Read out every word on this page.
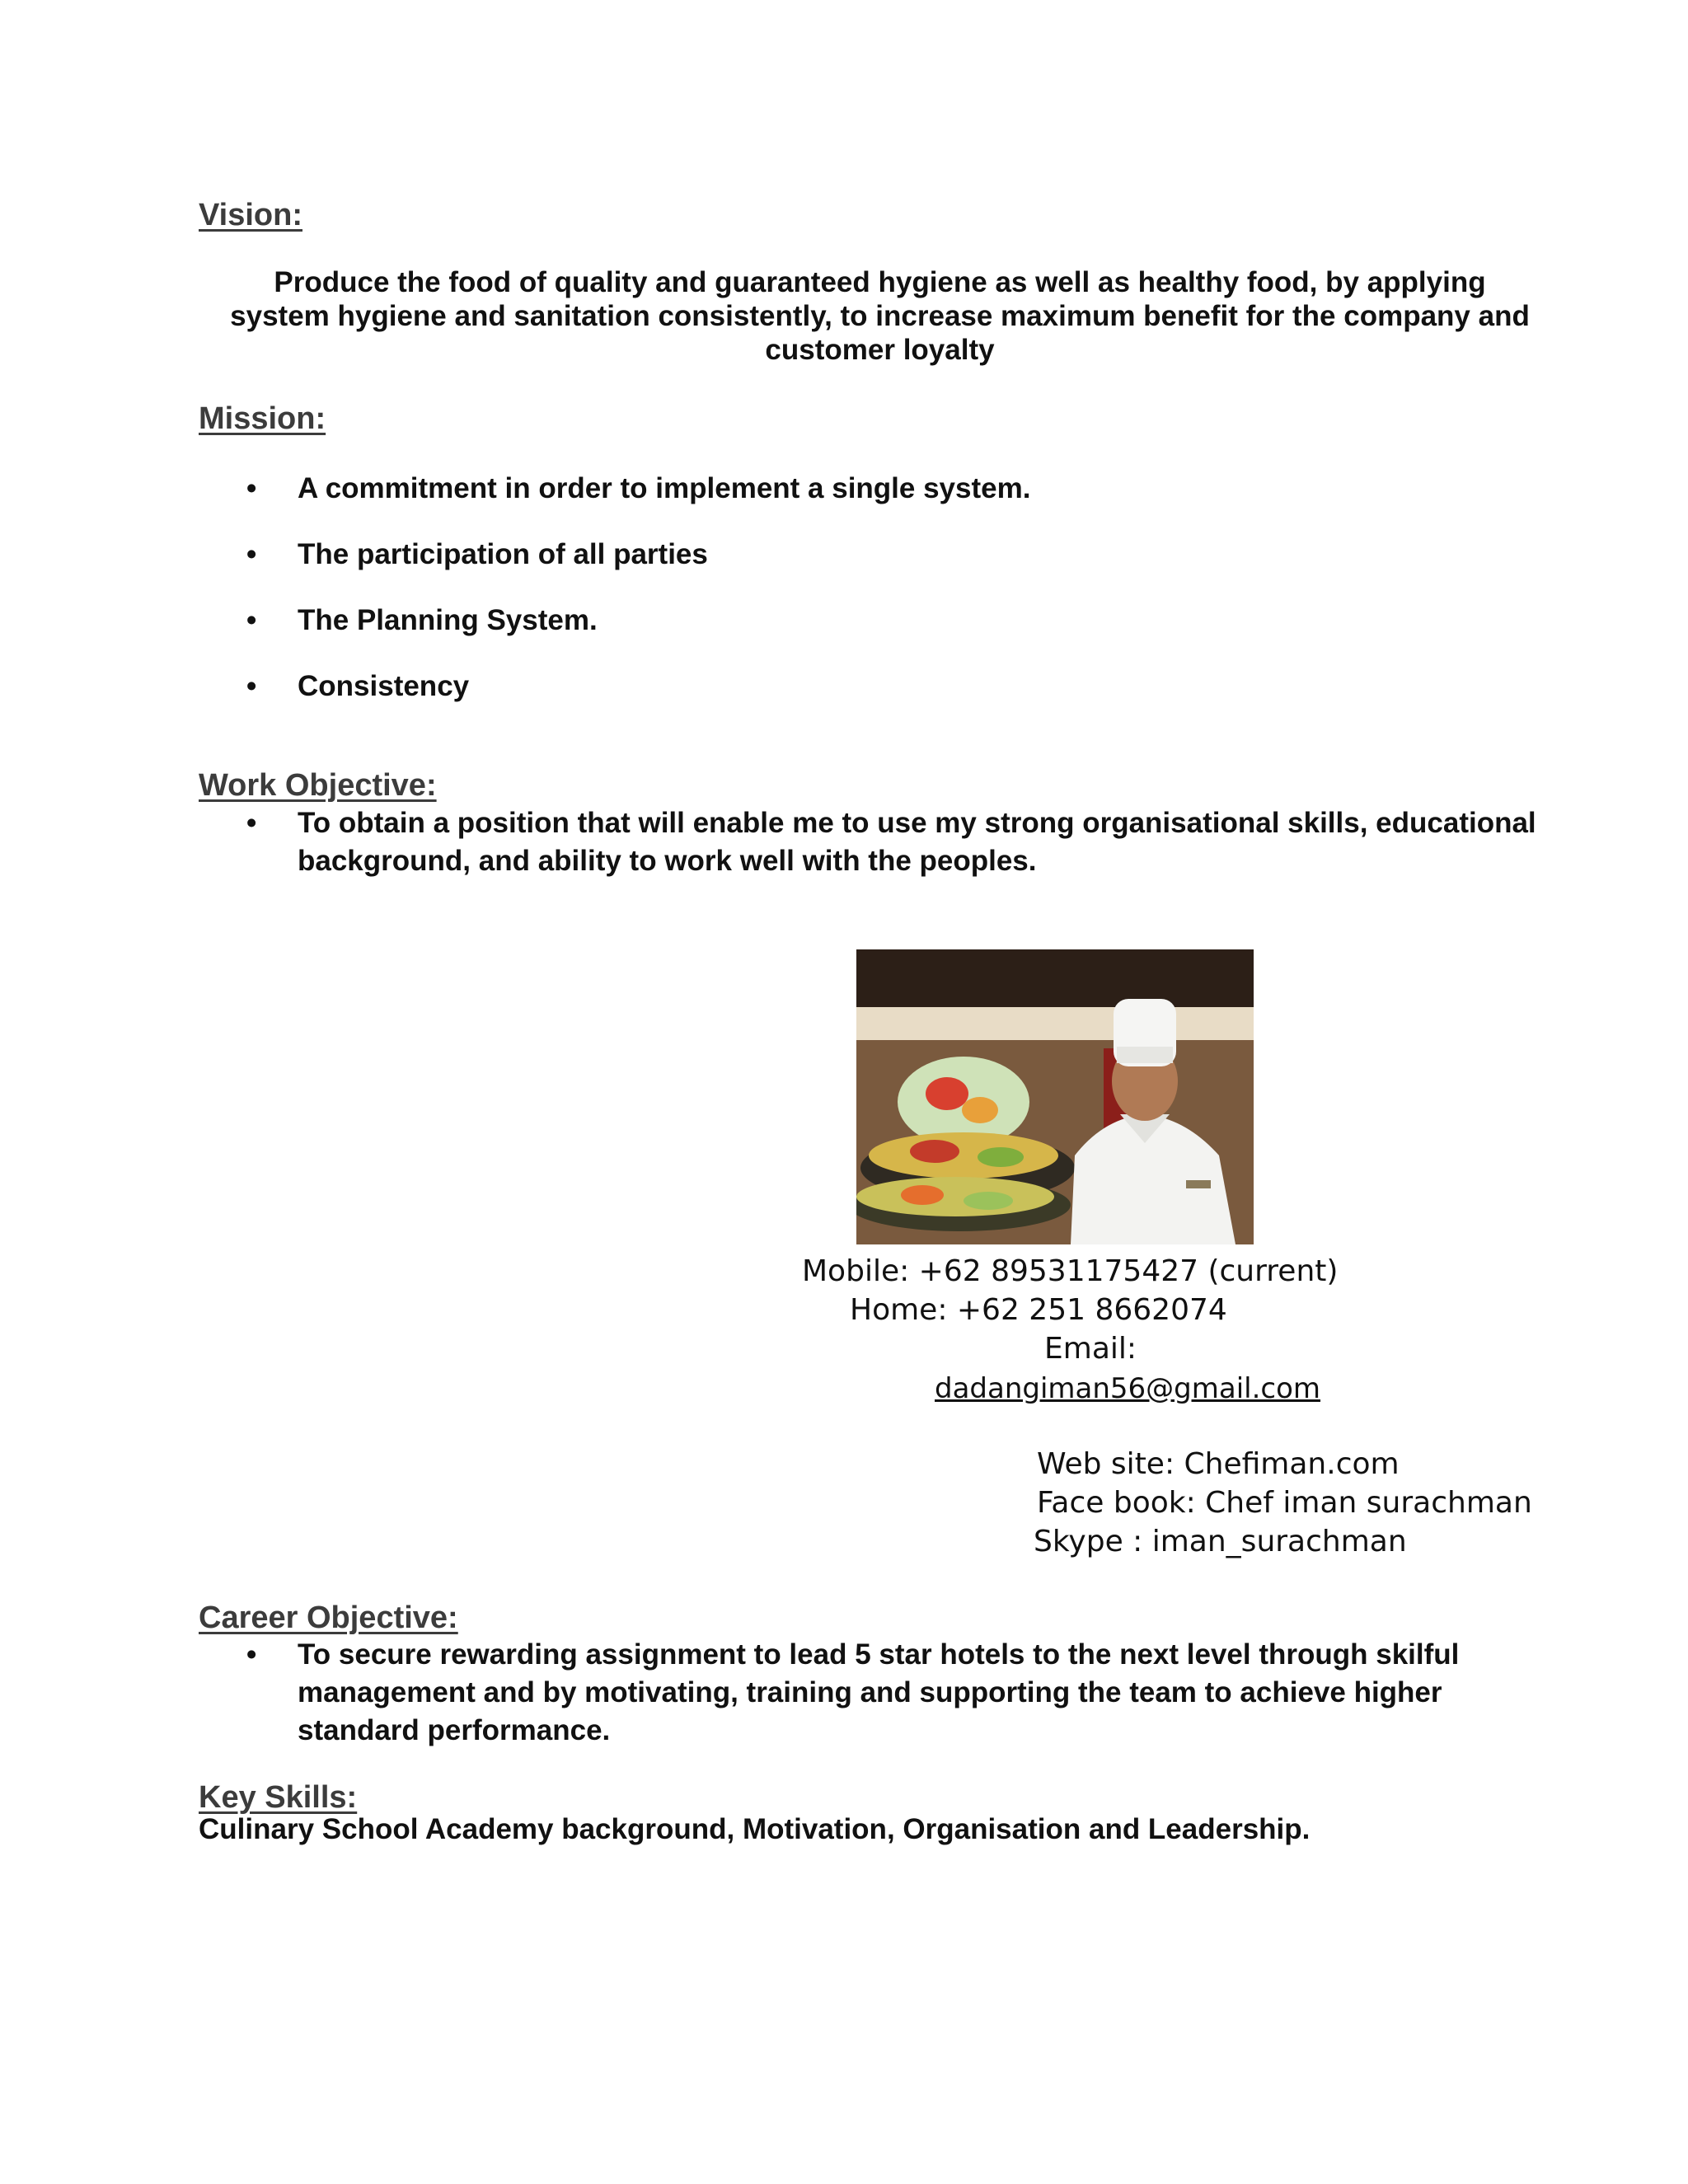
Vision:

Produce the food of quality and guaranteed hygiene as well as healthy food, by applying system hygiene and sanitation consistently, to increase maximum benefit for the company and customer loyalty

Mission:
• A commitment in order to implement a single system.
• The participation of all parties
• The Planning System.
• Consistency
Work Objective:
• To obtain a position that will enable me to use my strong organisational skills, educational background, and ability to work well with the peoples.

Mobile: +62 89531175427 (current)

Home: +62 251 8662074

Email:

dadangiman56@gmail.com

Web site: Chefiman.com

Face book: Chef iman surachman

Skype : iman_surachman

Career Objective:
• To secure rewarding assignment to lead 5 star hotels to the next level through skilful management and by motivating, training and supporting the team to achieve higher standard performance.
Key Skills:

Culinary School Academy background, Motivation, Organisation and Leadership.
